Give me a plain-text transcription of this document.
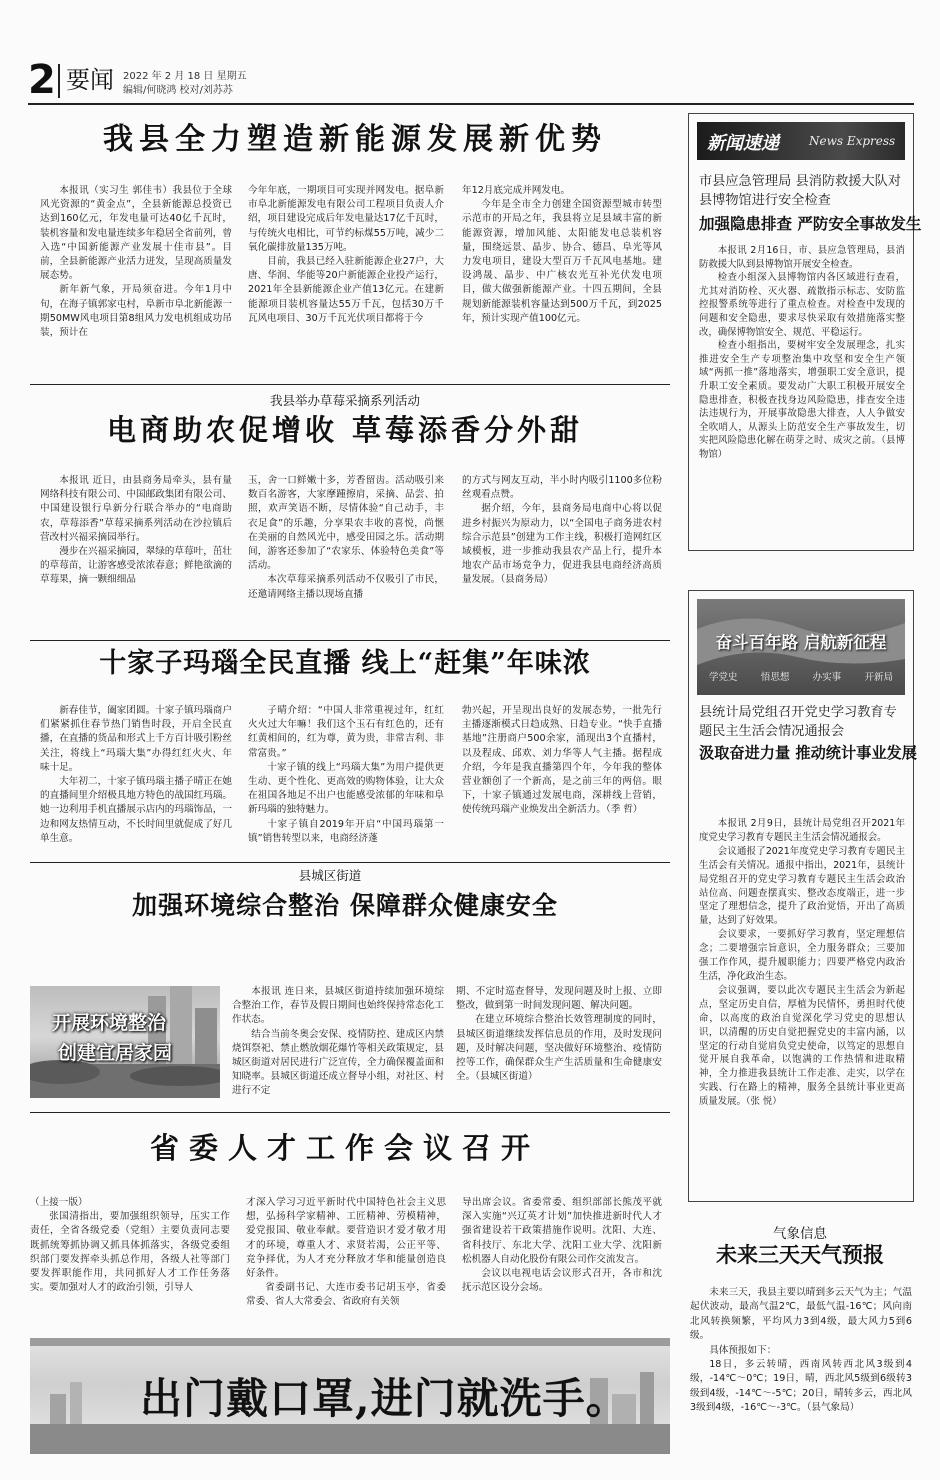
2 要闻 2022 年 2 月 18 日 星期五
编辑/何晓鸿 校对/刘苏苏
我县全力塑造新能源发展新优势

本报讯（实习生 郭佳韦）我县位于全球风光资源的“黄金点”，全县新能源总投资已达到160亿元，年发电量可达40亿千瓦时，装机容量和发电量连续多年稳居全省前列，曾入选“中国新能源产业发展十佳市县”。目前，全县新能源产业活力迸发，呈现高质量发展态势。

新年新气象，开局须奋进。今年1月中旬，在海子镇郭家屯村，阜新市阜北新能源一期50MW风电项目第8组风力发电机组成功吊装，预计在

今年年底，一期项目可实现并网发电。据阜新市阜北新能源发电有限公司工程项目负责人介绍，项目建设完成后年发电量达17亿千瓦时，与传统火电相比，可节约标煤55万吨，减少二氧化碳排放量135万吨。

目前，我县已经入驻新能源企业27户，大唐、华润、华能等20户新能源企业投产运行，2021年全县新能源企业产值13亿元。在建新能源项目装机容量达55万千瓦，包括30万千瓦风电项目、30万千瓦光伏项目都将于今

年12月底完成并网发电。

今年是全市全力创建全国资源型城市转型示范市的开局之年，我县将立足县域丰富的新能源资源，增加风能、太阳能发电总装机容量，围绕远景、晶步、协合、德昌、阜光等风力发电项目，建设大型百万千瓦风电基地。建设鸿晟、晶步、中广核农光互补光伏发电项目，做大做强新能源产业。十四五期间，全县规划新能源装机容量达到500万千瓦，到2025年，预计实现产值100亿元。

我县举办草莓采摘系列活动
电商助农促增收 草莓添香分外甜

本报讯 近日，由县商务局牵头，县有量网络科技有限公司、中国邮政集团有限公司、中国建设银行阜新分行联合举办的“电商助农，草莓添香”草莓采摘系列活动在沙拉镇后营改村兴福采摘园举行。

漫步在兴福采摘园，翠绿的草莓叶，茁壮的草莓苗，让游客感受浓浓春意；鲜艳欲滴的草莓果，摘一颗细细品

玉，舍一口鲜嫩十多，芳香留齿。活动吸引来数百名游客，大家摩踵擦肩，采摘、品尝、拍照，欢声笑语不断，尽情体验“自己动手，丰衣足食”的乐趣，分享果农丰收的喜悦，尚惬在美丽的自然风光中，感受田园之乐。活动期间，游客还参加了“农家乐、体验特色美食”等活动。

本次草莓采摘系列活动不仅吸引了市民，还邀请网络主播以现场直播

的方式与网友互动，半小时内吸引1100多位粉丝观看点赞。

据介绍，今年，县商务局电商中心将以促进乡村振兴为原动力，以“全国电子商务进农村综合示范县”创建为工作主线，积极打造网红区域模板，进一步推动我县农产品上行，提升本地农产品市场竞争力，促进我县电商经济高质量发展。（县商务局）

十家子玛瑙全民直播 线上“赶集”年味浓

新春佳节，阖家团圆。十家子镇玛瑙商户们紧紧抓住春节热门销售时段，开启全民直播，在直播的货品和形式上千方百计吸引粉丝关注，将线上“玛瑙大集”办得红红火火、年味十足。

大年初二，十家子镇玛瑙主播子晴正在她的直播间里介绍极具地方特色的战国红玛瑙。她一边利用手机直播展示店内的玛瑙饰品，一边和网友热情互动，不长时间里就促成了好几单生意。

子晴介绍：“中国人非常重视过年，红红火火过大年嘛！我们这个玉石有红色的，还有红黄相间的，红为尊，黄为贵，非常吉利、非常富贵。”

十家子镇的线上“玛瑙大集”为用户提供更生动、更个性化、更高效的购物体验，让大众在祖国各地足不出户也能感受浓郁的年味和阜新玛瑙的独特魅力。

十家子镇自2019年开启“中国玛瑙第一镇”销售转型以来，电商经济蓬

勃兴起，开呈现出良好的发展态势，一批先行主播逐渐模式日趋成熟、日趋专业。“快手直播基地”注册商户500余家，涌现出3个直播村，以及程成、邱欢、刘力华等人气主播。据程成介绍，今年是我直播第四个年，今年我的整体营业额创了一个新高，是之前三年的两倍。眼下，十家子镇通过发展电商，深耕线上营销，使传统玛瑙产业焕发出全新活力。（季 哲）

县城区街道
加强环境综合整治 保障群众健康安全
开展环境整治
创建宜居家园

本报讯 连日来，县城区街道持续加强环境综合整治工作，春节及假日期间也始终保持常态化工作状态。

结合当前冬奥会安保、疫情防控、建成区内禁烧饵祭祀、禁止燃放烟花爆竹等相关政策规定，县城区街道对居民进行广泛宣传，全力确保覆盖面和知晓率。县城区街道还成立督导小组，对社区、村进行不定

期、不定时巡查督导，发现问题及时上报、立即整改，做到第一时间发现问题、解决问题。

在建立环境综合整治长效管理制度的同时，县城区街道继续发挥信息员的作用，及时发现问题，及时解决问题，坚决做好环境整治、疫情防控等工作，确保群众生产生活质量和生命健康安全。（县城区街道）

省委人才工作会议召开

（上接一版）

张国清指出，要加强组织领导，压实工作责任，全省各级党委（党组）主要负责同志要既抓统筹抓协调又抓具体抓落实，各级党委组织部门要发挥牵头抓总作用，各级人社等部门要发挥职能作用，共同抓好人才工作任务落实。要加强对人才的政治引领，引导人

才深入学习习近平新时代中国特色社会主义思想，弘扬科学家精神、工匠精神、劳模精神，爱党报国、敬业奉献。要营造识才爱才敬才用才的环境，尊重人才、求贤若渴，公正平等、竞争择优，为人才充分释放才华和能量创造良好条件。

省委副书记、大连市委书记胡玉亭，省委常委、省人大常委会、省政府有关领

导出席会议。省委常委、组织部部长熊茂平就深入实施“兴辽英才计划”加快推进新时代人才强省建设若干政策措施作说明。沈阳、大连、省科技厅、东北大学、沈阳工业大学、沈阳新松机器人自动化股份有限公司作交流发言。

会议以电视电话会议形式召开，各市和沈抚示范区设分会场。

出门戴口罩,进门就洗手。
新闻速递	News Express
市县应急管理局 县消防救援大队对县博物馆进行安全检查
加强隐患排查 严防安全事故发生

本报讯 2月16日，市、县应急管理局，县消防救援大队到县博物馆开展安全检查。

检查小组深入县博物馆内各区域进行查看，尤其对消防栓、灭火器、疏散指示标志、安防监控报警系统等进行了重点检查。对检查中发现的问题和安全隐患，要求尽快采取有效措施落实整改，确保博物馆安全、规范、平稳运行。

检查小组指出，要树牢安全发展理念，扎实推进安全生产专项整治集中攻坚和安全生产领域“两抓一推”落地落实，增强职工安全意识，提升职工安全素质。要发动广大职工积极开展安全隐患排查，积极查找身边风险隐患，排查安全违法违规行为，开展事故隐患大排查，人人争做安全吹哨人，从源头上防范安全生产事故发生，切实把风险隐患化解在萌芽之时、成灾之前。（县博物馆）

奋斗百年路 启航新征程
学党史 悟思想 办实事 开新局
县统计局党组召开党史学习教育专题民主生活会情况通报会
汲取奋进力量 推动统计事业发展

本报讯 2月9日，县统计局党组召开2021年度党史学习教育专题民主生活会情况通报会。

会议通报了2021年度党史学习教育专题民主生活会有关情况。通报中指出，2021年，县统计局党组召开的党史学习教育专题民主生活会政治站位高、问题查摆真实、整改态度端正，进一步坚定了理想信念，提升了政治觉悟，开出了高质量，达到了好效果。

会议要求，一要抓好学习教育，坚定理想信念；二要增强宗旨意识，全力服务群众；三要加强工作作风，提升履职能力；四要严格党内政治生活，净化政治生态。

会议强调，要以此次专题民主生活会为新起点，坚定历史自信，厚植为民情怀，勇担时代使命，以高度的政治自觉深化学习党史的思想认识，以清醒的历史自觉把握党史的丰富内涵，以坚定的行动自觉肩负党史使命，以笃定的思想自觉开展自我革命，以饱满的工作热情和进取精神，全力推进我县统计工作走准、走实，以学在实践、行在路上的精神，服务全县统计事业更高质量发展。（张 悦）

气象信息
未来三天天气预报

未来三天，我县主要以晴到多云天气为主；气温起伏波动，最高气温2℃，最低气温-16℃；风向南北风转换频繁，平均风力3到4级，最大风力5到6级。

具体预报如下：

18日，多云转晴，西南风转西北风3级到4级，-14℃～0℃；19日，晴，西北风5级到6级转3级到4级，-14℃～-5℃；20日，晴转多云，西北风3级到4级，-16℃～-3℃。（县气象局）
